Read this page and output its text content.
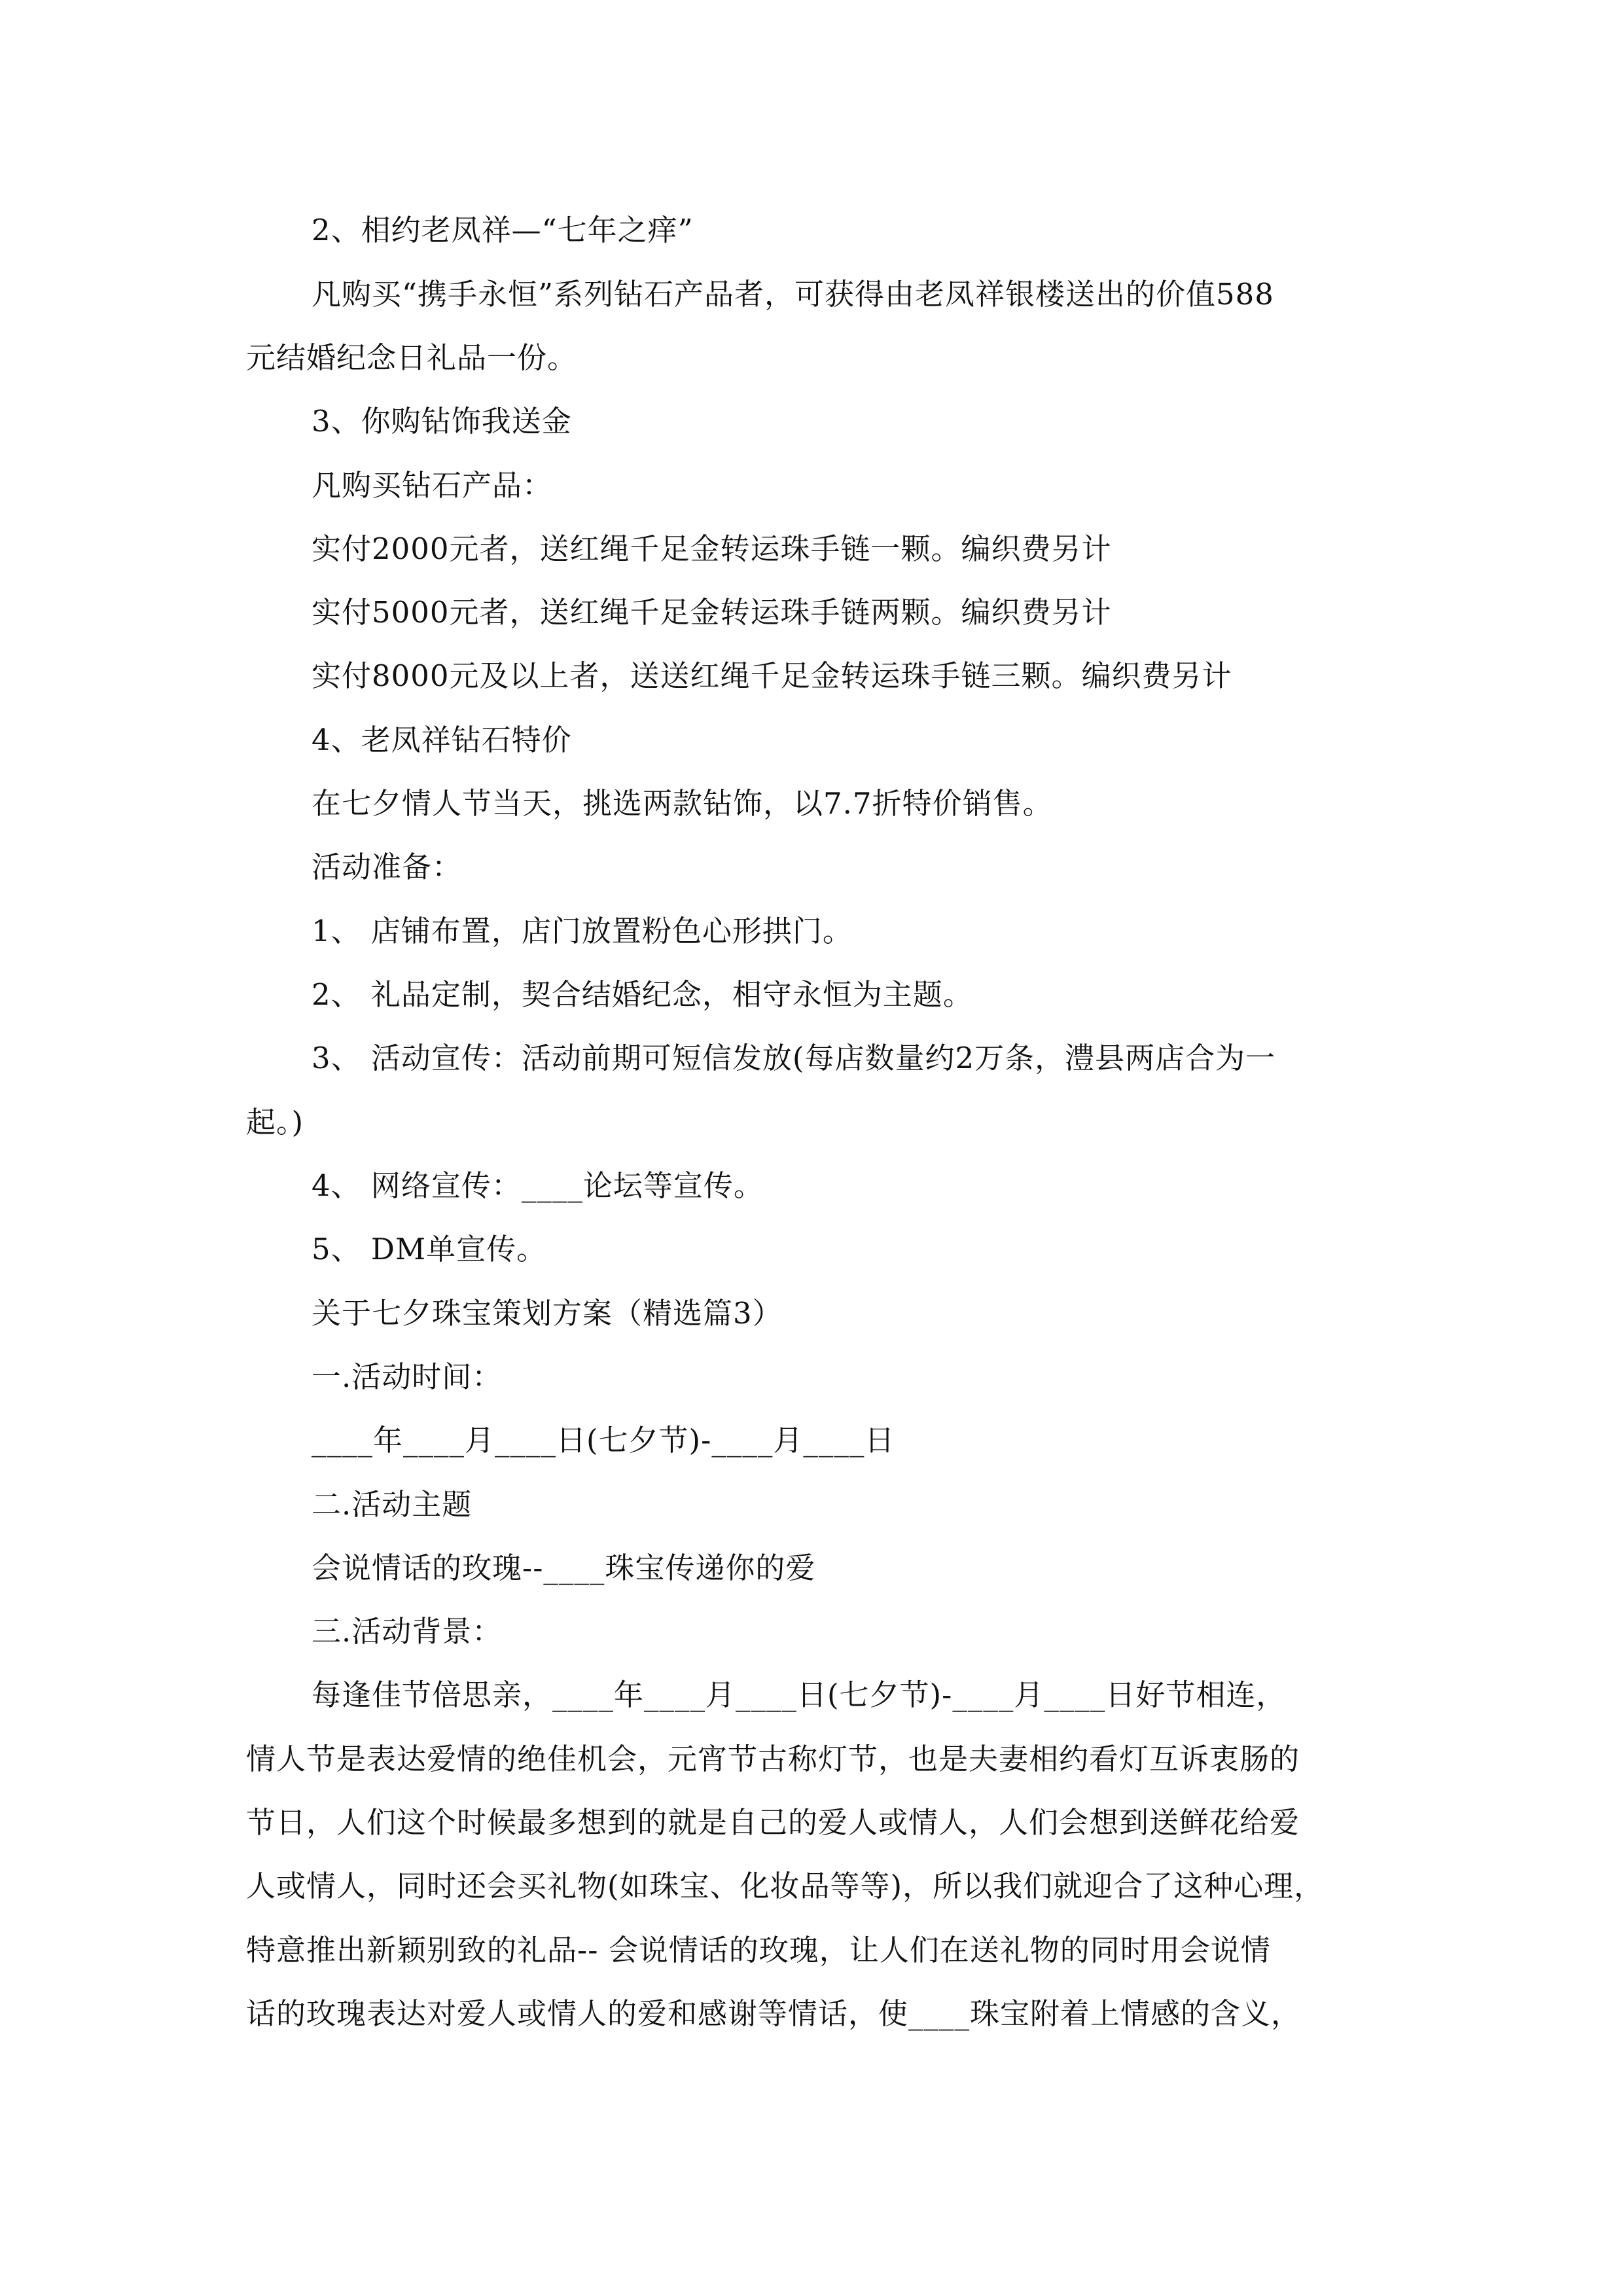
2、相约老凤祥—“七年之痒”
凡购买“携手永恒”系列钻石产品者，可获得由老凤祥银楼送出的价值588
元结婚纪念日礼品一份。
3、你购钻饰我送金
凡购买钻石产品：
实付2000元者，送红绳千足金转运珠手链一颗。编织费另计
实付5000元者，送红绳千足金转运珠手链两颗。编织费另计
实付8000元及以上者，送送红绳千足金转运珠手链三颗。编织费另计
4、老凤祥钻石特价
在七夕情人节当天，挑选两款钻饰，以7.7折特价销售。
活动准备：
1、 店铺布置，店门放置粉色心形拱门。
2、 礼品定制，契合结婚纪念，相守永恒为主题。
3、 活动宣传：活动前期可短信发放(每店数量约2万条，澧县两店合为一
起。)
4、 网络宣传：____论坛等宣传。
5、 DM单宣传。
关于七夕珠宝策划方案（精选篇3）
一.活动时间：
____年____月____日(七夕节)-____月____日
二.活动主题
会说情话的玫瑰--____珠宝传递你的爱
三.活动背景：
每逢佳节倍思亲，____年____月____日(七夕节)-____月____日好节相连，
情人节是表达爱情的绝佳机会，元宵节古称灯节，也是夫妻相约看灯互诉衷肠的
节日，人们这个时候最多想到的就是自己的爱人或情人，人们会想到送鲜花给爱
人或情人，同时还会买礼物(如珠宝、化妆品等等)，所以我们就迎合了这种心理，
特意推出新颖别致的礼品-- 会说情话的玫瑰，让人们在送礼物的同时用会说情
话的玫瑰表达对爱人或情人的爱和感谢等情话，使____珠宝附着上情感的含义，
